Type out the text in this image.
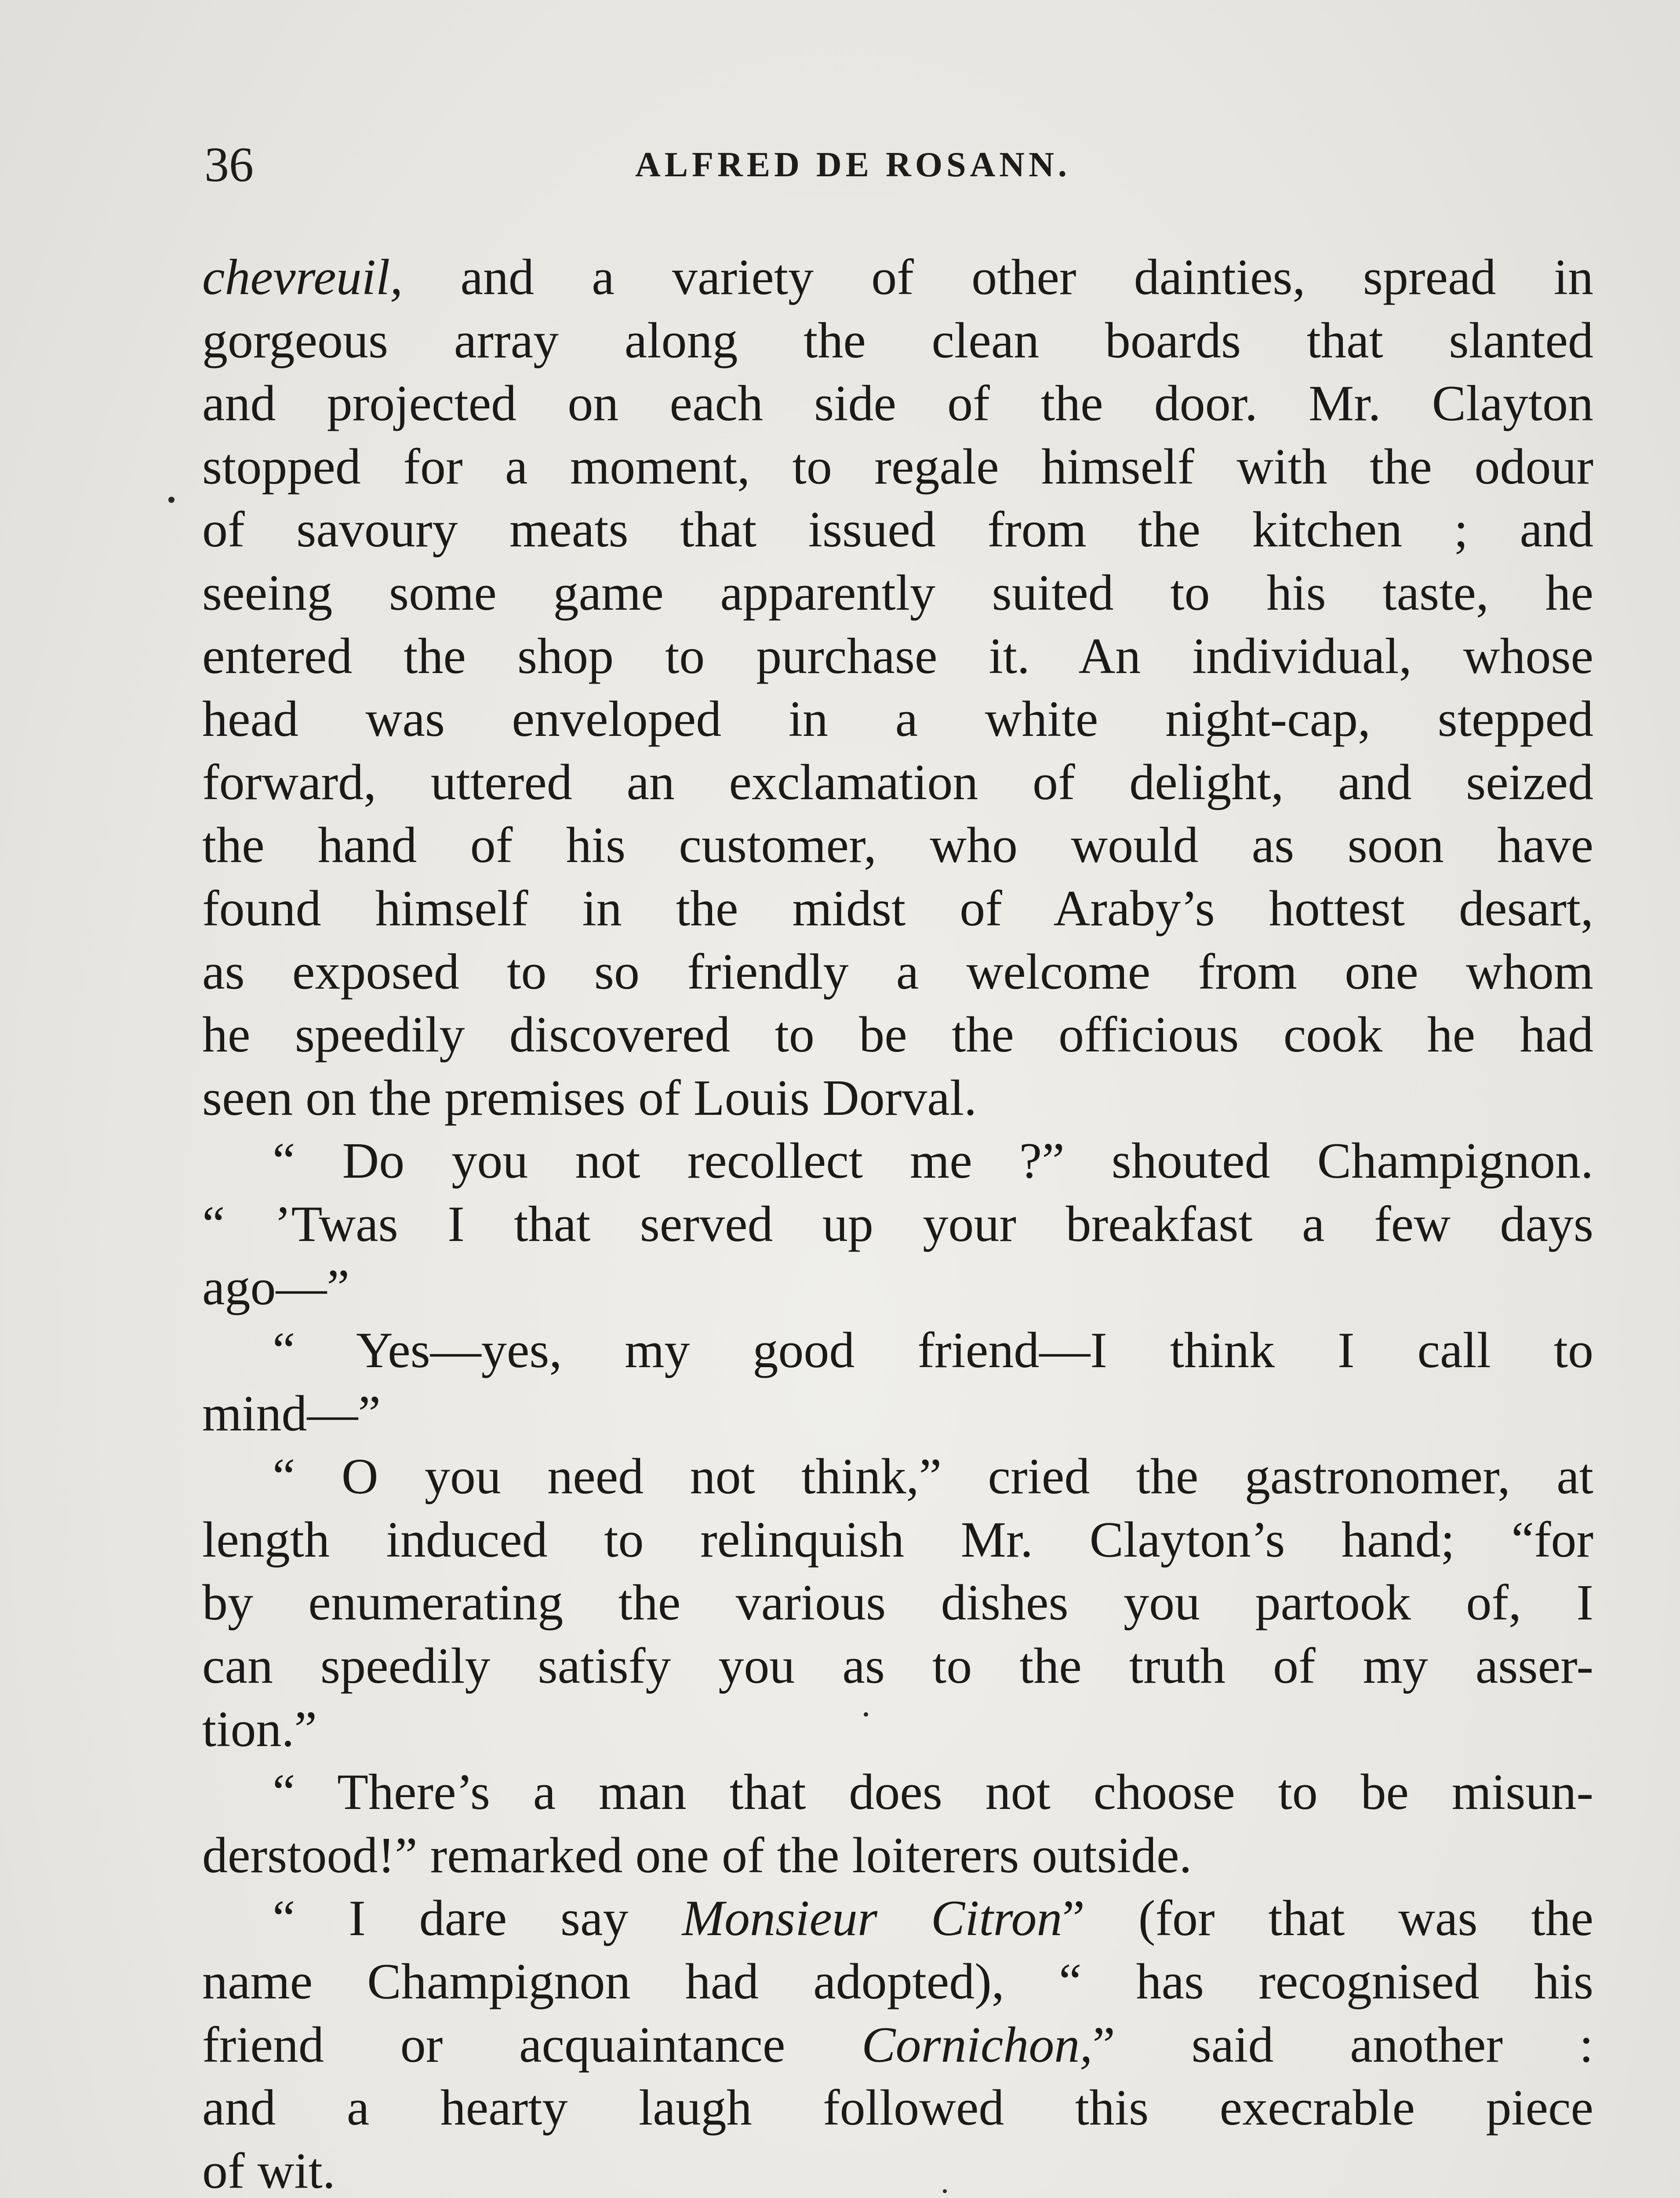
36	ALFRED DE ROSANN.
chevreuil, and a variety of other dainties, spread in
gorgeous array along the clean boards that slanted
and projected on each side of the door. Mr. Clayton
stopped for a moment, to regale himself with the odour
of savoury meats that issued from the kitchen ; and
seeing some game apparently suited to his taste, he
entered the shop to purchase it. An individual, whose
head was enveloped in a white night-cap, stepped
forward, uttered an exclamation of delight, and seized
the hand of his customer, who would as soon have
found himself in the midst of Araby’s hottest desart,
as exposed to so friendly a welcome from one whom
he speedily discovered to be the officious cook he had
seen on the premises of Louis Dorval.
“ Do you not recollect me ?” shouted Champignon.
“ ’Twas I that served up your breakfast a few days
ago—”
“ Yes—yes, my good friend—I think I call to
mind—”
“ O you need not think,” cried the gastronomer, at
length induced to relinquish Mr. Clayton’s hand; “for
by enumerating the various dishes you partook of, I
can speedily satisfy you as to the truth of my asser-
tion.”
“ There’s a man that does not choose to be misun-
derstood!” remarked one of the loiterers outside.
“ I dare say Monsieur Citron” (for that was the
name Champignon had adopted), “ has recognised his
friend or acquaintance Cornichon,” said another :
and a hearty laugh followed this execrable piece
of wit.
